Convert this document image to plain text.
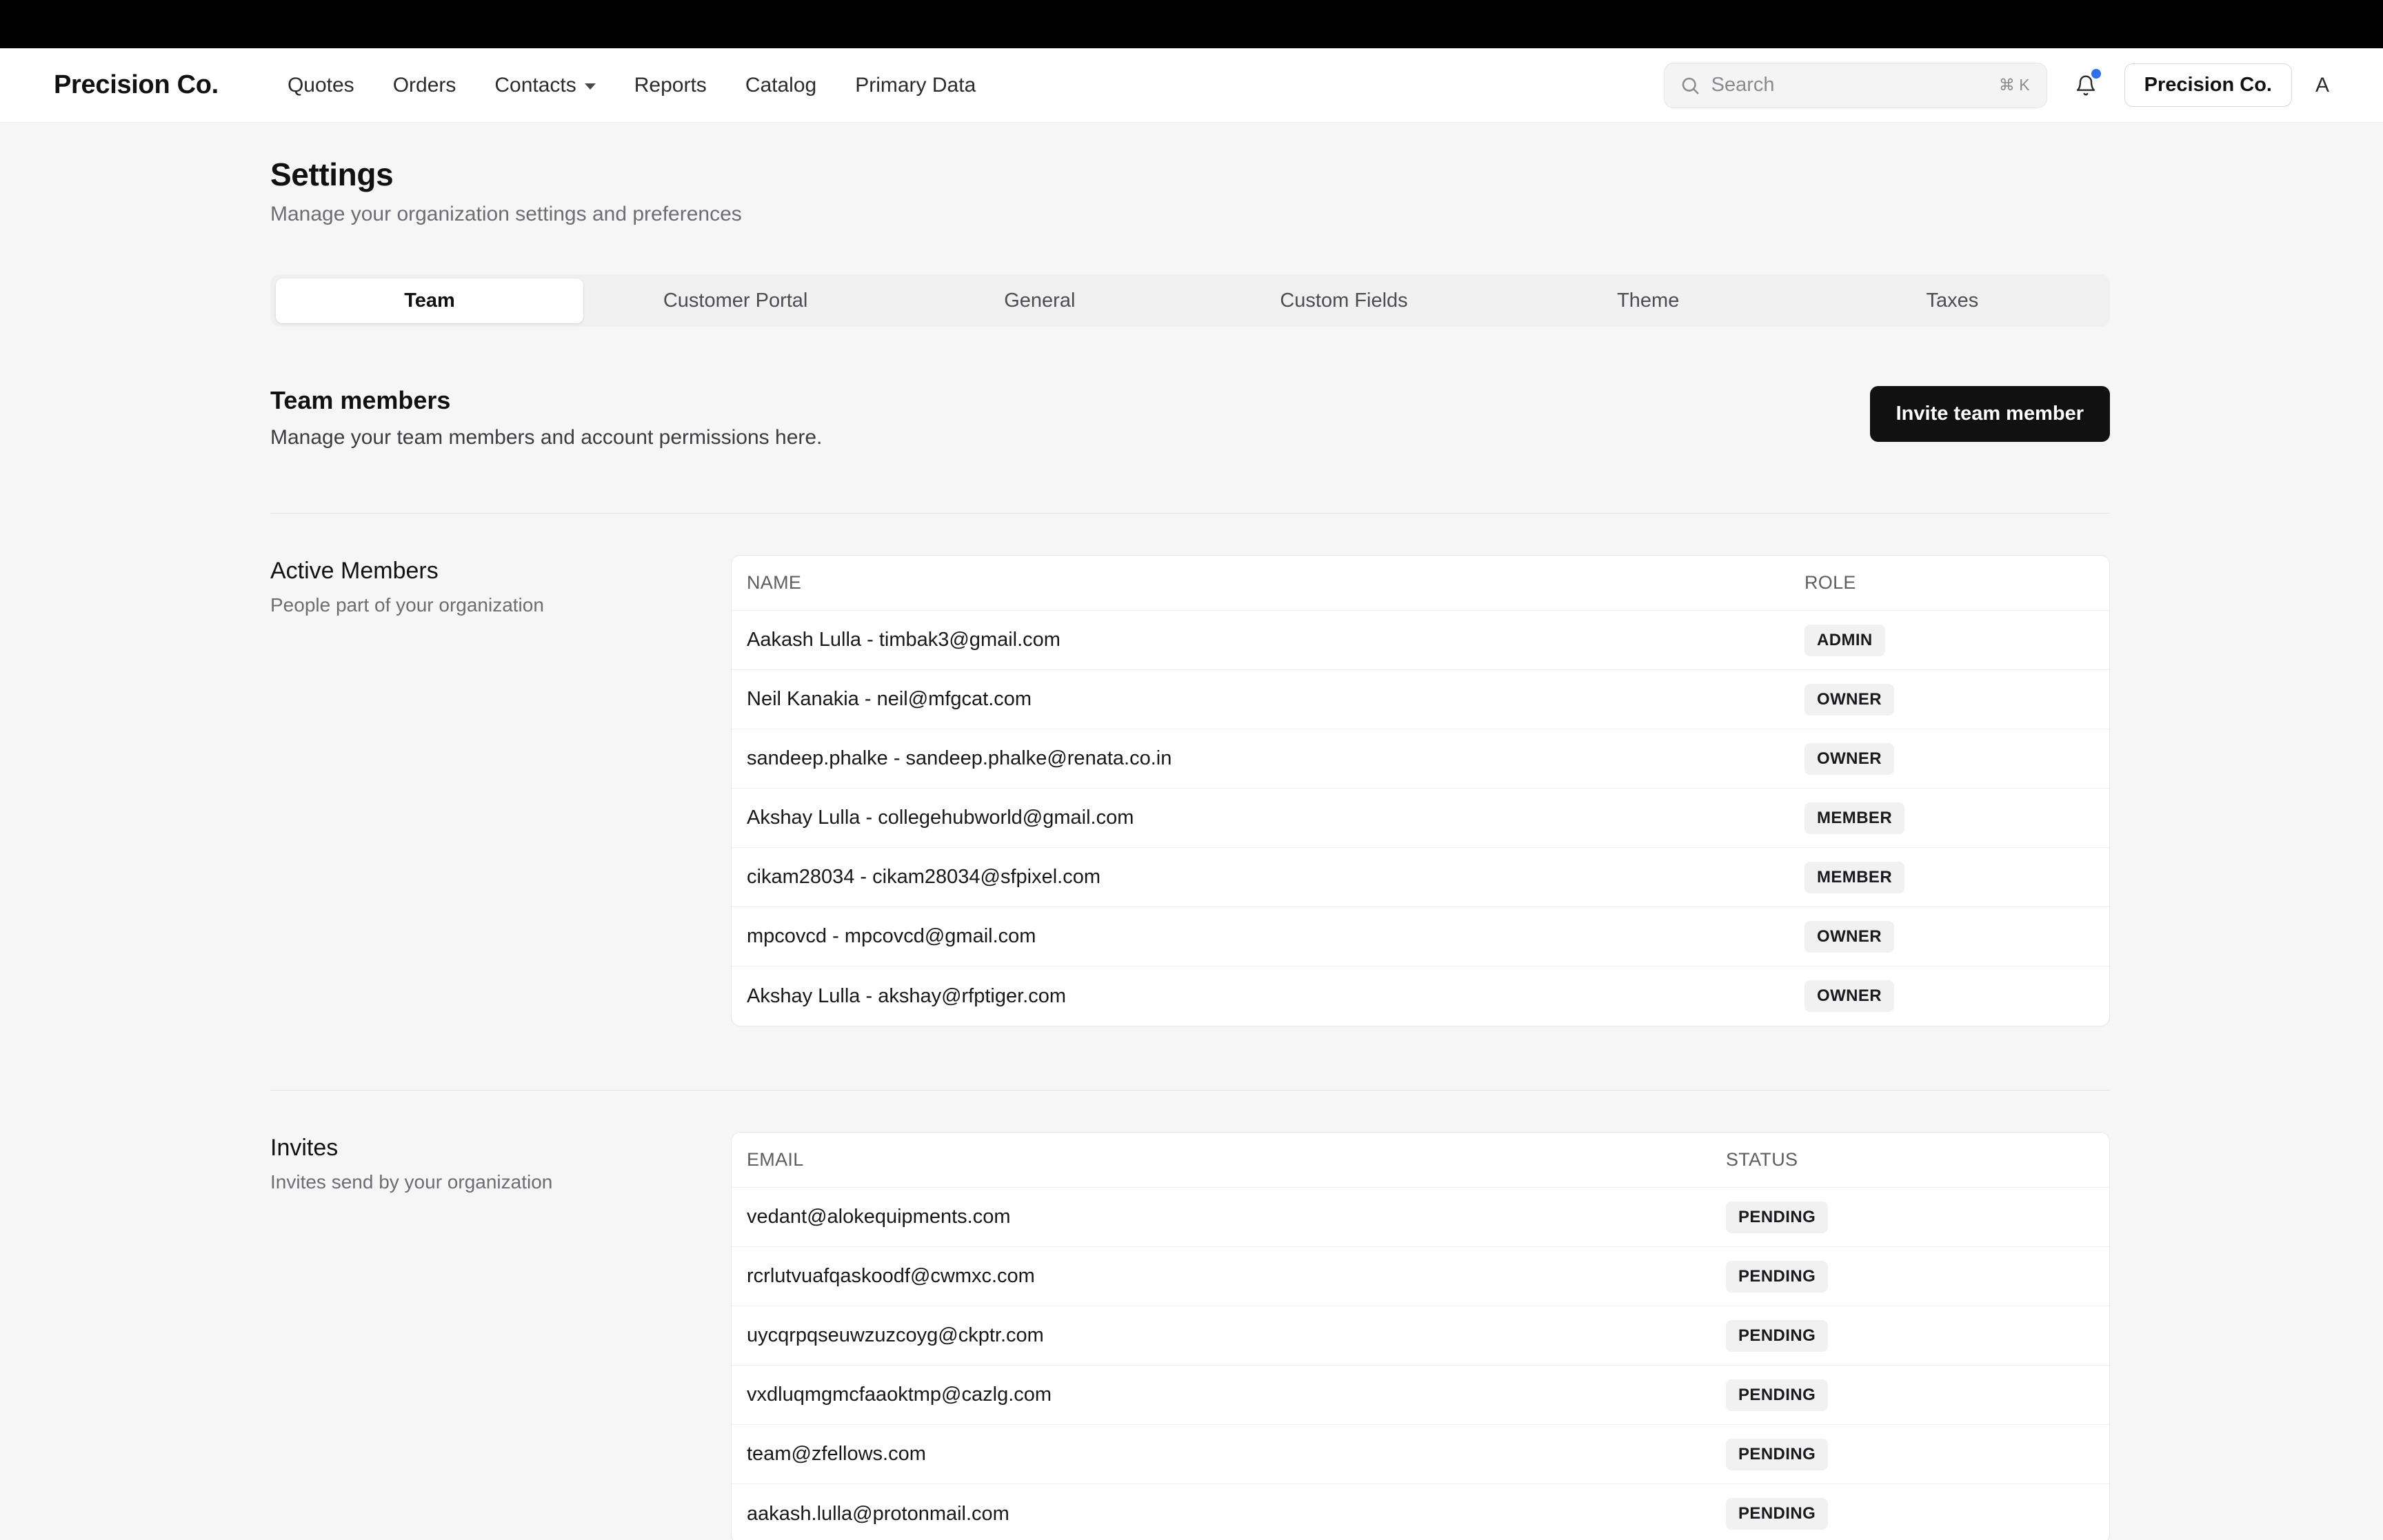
Precision Co.	Quotes Orders Contacts	Reports Catalog Primary Data
Search	⌘ K	Precision Co.	A
Settings
Manage your organization settings and preferences
Team	Customer Portal	General	Custom Fields	Theme	Taxes
Team members

Manage your team members and account permissions here.

Invite team member
Active Members

People part of your organization

NAME	ROLE
Aakash Lulla - timbak3@gmail.com	ADMIN
Neil Kanakia - neil@mfgcat.com	OWNER
sandeep.phalke - sandeep.phalke@renata.co.in	OWNER
Akshay Lulla - collegehubworld@gmail.com	MEMBER
cikam28034 - cikam28034@sfpixel.com	MEMBER
mpcovcd - mpcovcd@gmail.com	OWNER
Akshay Lulla - akshay@rfptiger.com	OWNER
Invites

Invites send by your organization

EMAIL	STATUS
vedant@alokequipments.com	PENDING
rcrlutvuafqaskoodf@cwmxc.com	PENDING
uycqrpqseuwzuzcoyg@ckptr.com	PENDING
vxdluqmgmcfaaoktmp@cazlg.com	PENDING
team@zfellows.com	PENDING
aakash.lulla@protonmail.com	PENDING
